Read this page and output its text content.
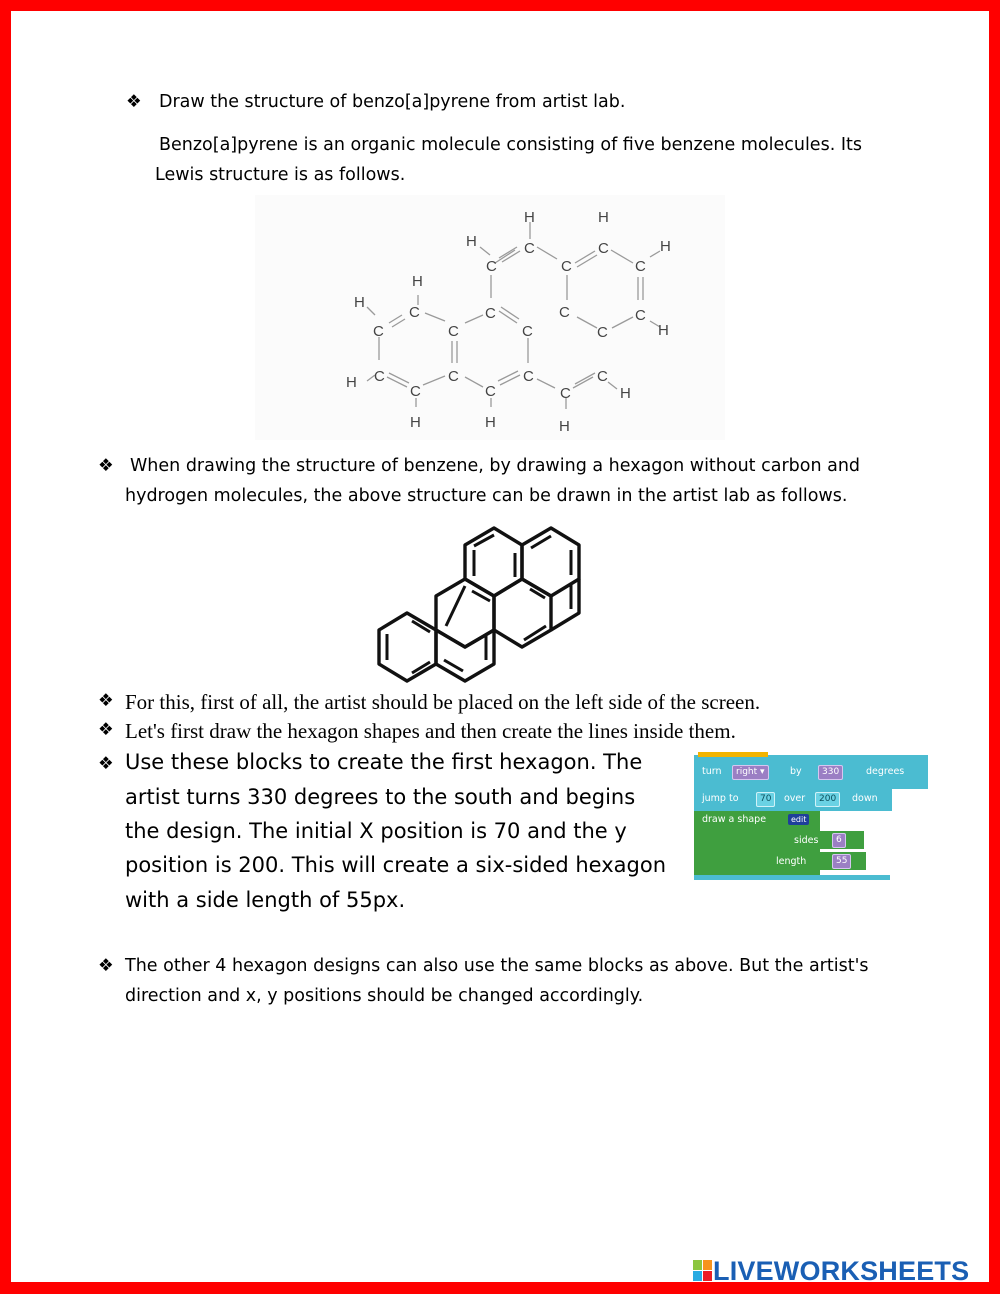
❖ Draw the structure of benzo[a]pyrene from artist lab.
Benzo[a]pyrene is an organic molecule consisting of five benzene molecules. Its
Lewis structure is as follows.
H	H
H	C	C	H
C	C	C
H
H
C	C	C	C
C	C	C	C	H
C	C	C	C
H
C	C	C	H
H	H	H
❖ When drawing the structure of benzene, by drawing a hexagon without carbon and
hydrogen molecules, the above structure can be drawn in the artist lab as follows.
❖ For this, first of all, the artist should be placed on the left side of the screen.
❖ Let's first draw the hexagon shapes and then create the lines inside them.
❖ Use these blocks to create the first hexagon. The
artist turns 330 degrees to the south and begins
the design. The initial X position is 70 and the y
position is 200. This will create a six-sided hexagon
with a side length of 55px.
turn	right ▾	by	330	degrees
jump to	70	over	200	down
draw a shape	edit
sides	6
length	55
❖ The other 4 hexagon designs can also use the same blocks as above. But the artist's
direction and x, y positions should be changed accordingly.
LIVEWORKSHEETS
